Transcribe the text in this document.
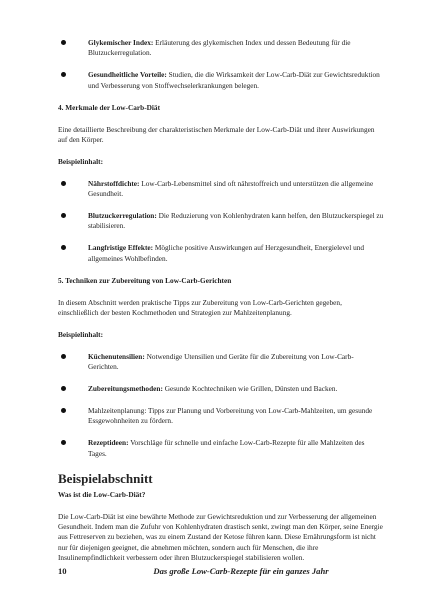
Glykemischer Index: Erläuterung des glykemischen Index und dessen Bedeutung für die Blutzuckerregulation.
Gesundheitliche Vorteile: Studien, die die Wirksamkeit der Low-Carb-Diät zur Gewichtsreduktion und Verbesserung von Stoffwechselerkrankungen belegen.
4. Merkmale der Low-Carb-Diät
Eine detaillierte Beschreibung der charakteristischen Merkmale der Low-Carb-Diät und ihrer Auswirkungen auf den Körper.
Beispielinhalt:
Nährstoffdichte: Low-Carb-Lebensmittel sind oft nährstoffreich und unterstützen die allgemeine Gesundheit.
Blutzuckerregulation: Die Reduzierung von Kohlenhydraten kann helfen, den Blutzuckerspiegel zu stabilisieren.
Langfristige Effekte: Mögliche positive Auswirkungen auf Herzgesundheit, Energielevel und allgemeines Wohlbefinden.
5. Techniken zur Zubereitung von Low-Carb-Gerichten
In diesem Abschnitt werden praktische Tipps zur Zubereitung von Low-Carb-Gerichten gegeben, einschließlich der besten Kochmethoden und Strategien zur Mahlzeitenplanung.
Beispielinhalt:
Küchenutensilien: Notwendige Utensilien und Geräte für die Zubereitung von Low-Carb-Gerichten.
Zubereitungsmethoden: Gesunde Kochtechniken wie Grillen, Dünsten und Backen.
Mahlzeitenplanung: Tipps zur Planung und Vorbereitung von Low-Carb-Mahlzeiten, um gesunde Essgewohnheiten zu fördern.
Rezeptideen: Vorschläge für schnelle und einfache Low-Carb-Rezepte für alle Mahlzeiten des Tages.
Beispielabschnitt
Was ist die Low-Carb-Diät?
Die Low-Carb-Diät ist eine bewährte Methode zur Gewichtsreduktion und zur Verbesserung der allgemeinen Gesundheit. Indem man die Zufuhr von Kohlenhydraten drastisch senkt, zwingt man den Körper, seine Energie aus Fettreserven zu beziehen, was zu einem Zustand der Ketose führen kann. Diese Ernährungsform ist nicht nur für diejenigen geeignet, die abnehmen möchten, sondern auch für Menschen, die ihre Insulinempfindlichkeit verbessern oder ihren Blutzuckerspiegel stabilisieren wollen.
10	Das große Low-Carb-Rezepte für ein ganzes Jahr
